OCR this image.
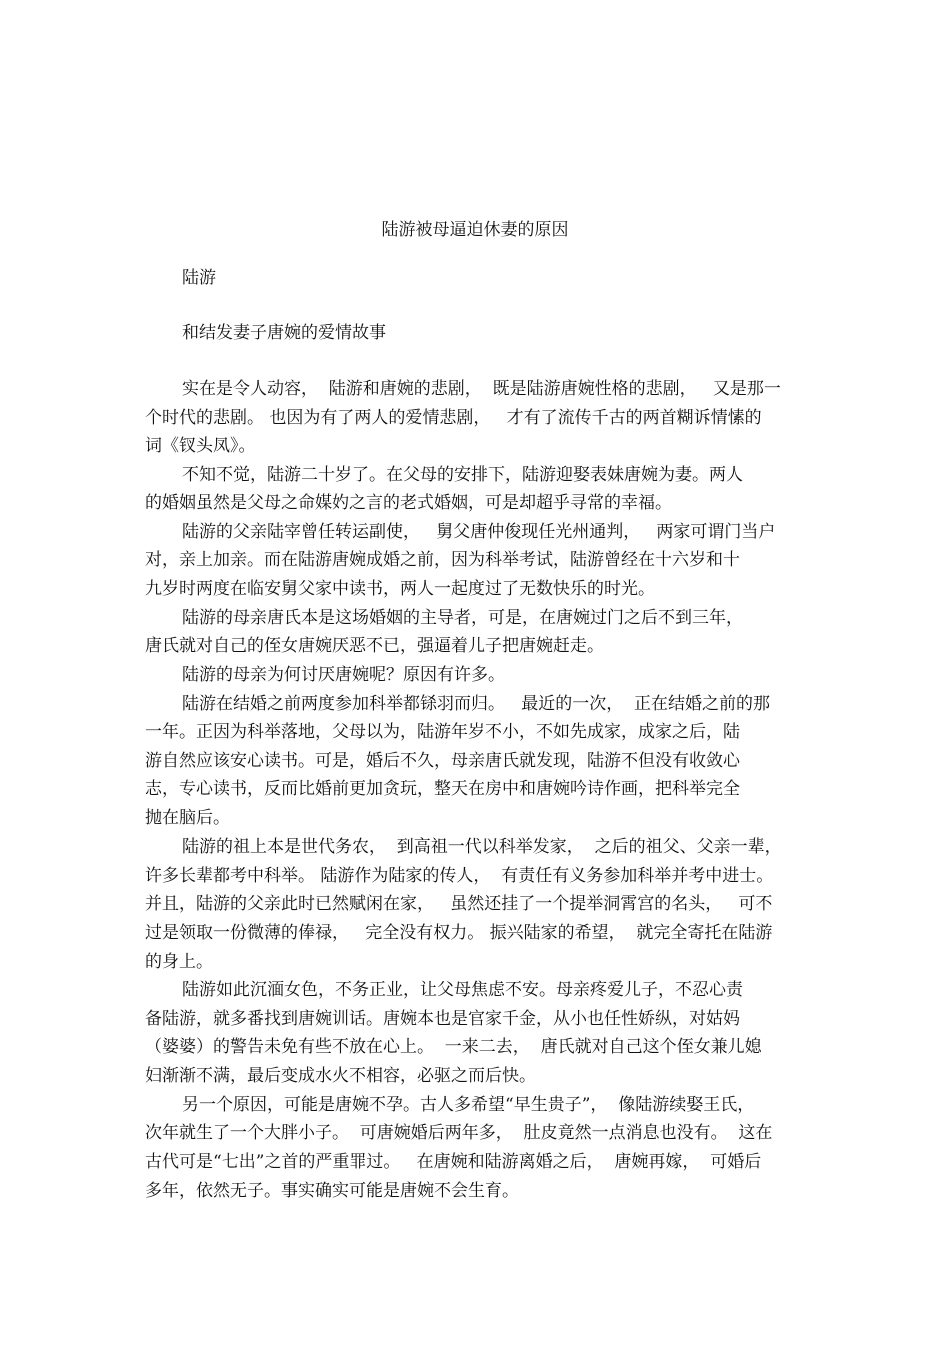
陆游被母逼迫休妻的原因
陆游
和结发妻子唐婉的爱情故事
实在是令人动容，  陆游和唐婉的悲剧，  既是陆游唐婉性格的悲剧，   又是那一
个时代的悲剧。 也因为有了两人的爱情悲剧，   才有了流传千古的两首糊诉情愫的
词《钗头凤》。
不知不觉，陆游二十岁了。在父母的安排下，陆游迎娶表妹唐婉为妻。两人
的婚姻虽然是父母之命媒妁之言的老式婚姻，可是却超乎寻常的幸福。
陆游的父亲陆宰曾任转运副使，   舅父唐仲俊现任光州通判，   两家可谓门当户
对，亲上加亲。而在陆游唐婉成婚之前，因为科举考试，陆游曾经在十六岁和十
九岁时两度在临安舅父家中读书，两人一起度过了无数快乐的时光。
陆游的母亲唐氏本是这场婚姻的主导者，可是，在唐婉过门之后不到三年，
唐氏就对自己的侄女唐婉厌恶不已，强逼着儿子把唐婉赶走。
陆游的母亲为何讨厌唐婉呢？原因有许多。
陆游在结婚之前两度参加科举都铩羽而归。   最近的一次，  正在结婚之前的那
一年。正因为科举落地，父母以为，陆游年岁不小，不如先成家，成家之后，陆
游自然应该安心读书。可是，婚后不久，母亲唐氏就发现，陆游不但没有收敛心
志，专心读书，反而比婚前更加贪玩，整天在房中和唐婉吟诗作画，把科举完全
抛在脑后。
陆游的祖上本是世代务农，  到高祖一代以科举发家，  之后的祖父、父亲一辈，
许多长辈都考中科举。 陆游作为陆家的传人，  有责任有义务参加科举并考中进士。
并且，陆游的父亲此时已然赋闲在家，   虽然还挂了一个提举洞霄宫的名头，   可不
过是领取一份微薄的俸禄，   完全没有权力。 振兴陆家的希望，  就完全寄托在陆游
的身上。
陆游如此沉湎女色，不务正业，让父母焦虑不安。母亲疼爱儿子，不忍心责
备陆游，就多番找到唐婉训话。唐婉本也是官家千金，从小也任性娇纵，对姑妈
（婆婆）的警告未免有些不放在心上。  一来二去，  唐氏就对自己这个侄女兼儿媳
妇渐渐不满，最后变成水火不相容，必驱之而后快。
另一个原因，可能是唐婉不孕。古人多希望“早生贵子”，  像陆游续娶王氏，
次年就生了一个大胖小子。  可唐婉婚后两年多，  肚皮竟然一点消息也没有。  这在
古代可是“七出”之首的严重罪过。   在唐婉和陆游离婚之后，  唐婉再嫁，  可婚后
多年，依然无子。事实确实可能是唐婉不会生育。
